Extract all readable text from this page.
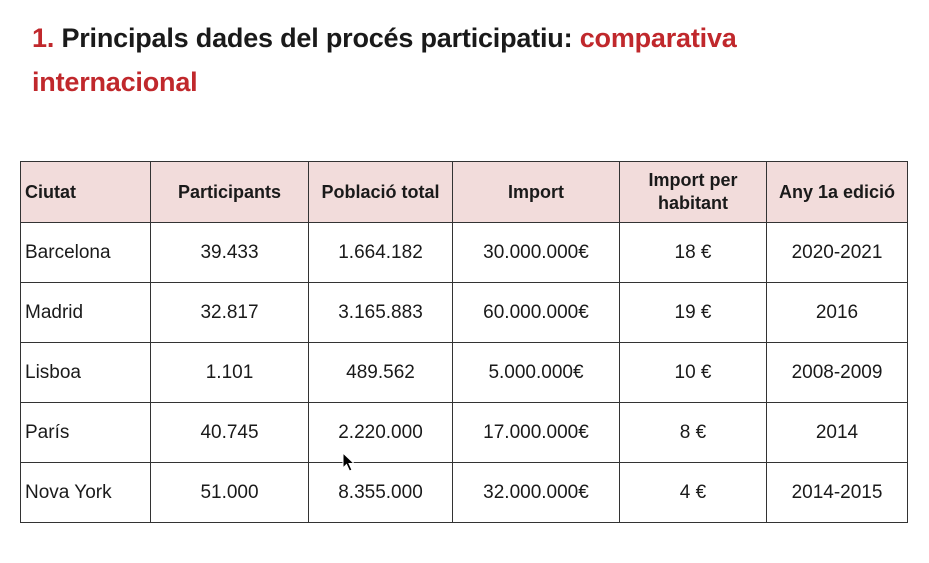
1. Principals dades del procés participatiu: comparativa internacional
Ciutat	Participants	Població total	Import	Import per habitant	Any 1a edició
Barcelona	39.433	1.664.182	30.000.000€	18 €	2020-2021
Madrid	32.817	3.165.883	60.000.000€	19 €	2016
Lisboa	1.101	489.562	5.000.000€	10 €	2008-2009
París	40.745	2.220.000	17.000.000€	8 €	2014
Nova York	51.000	8.355.000	32.000.000€	4 €	2014-2015
